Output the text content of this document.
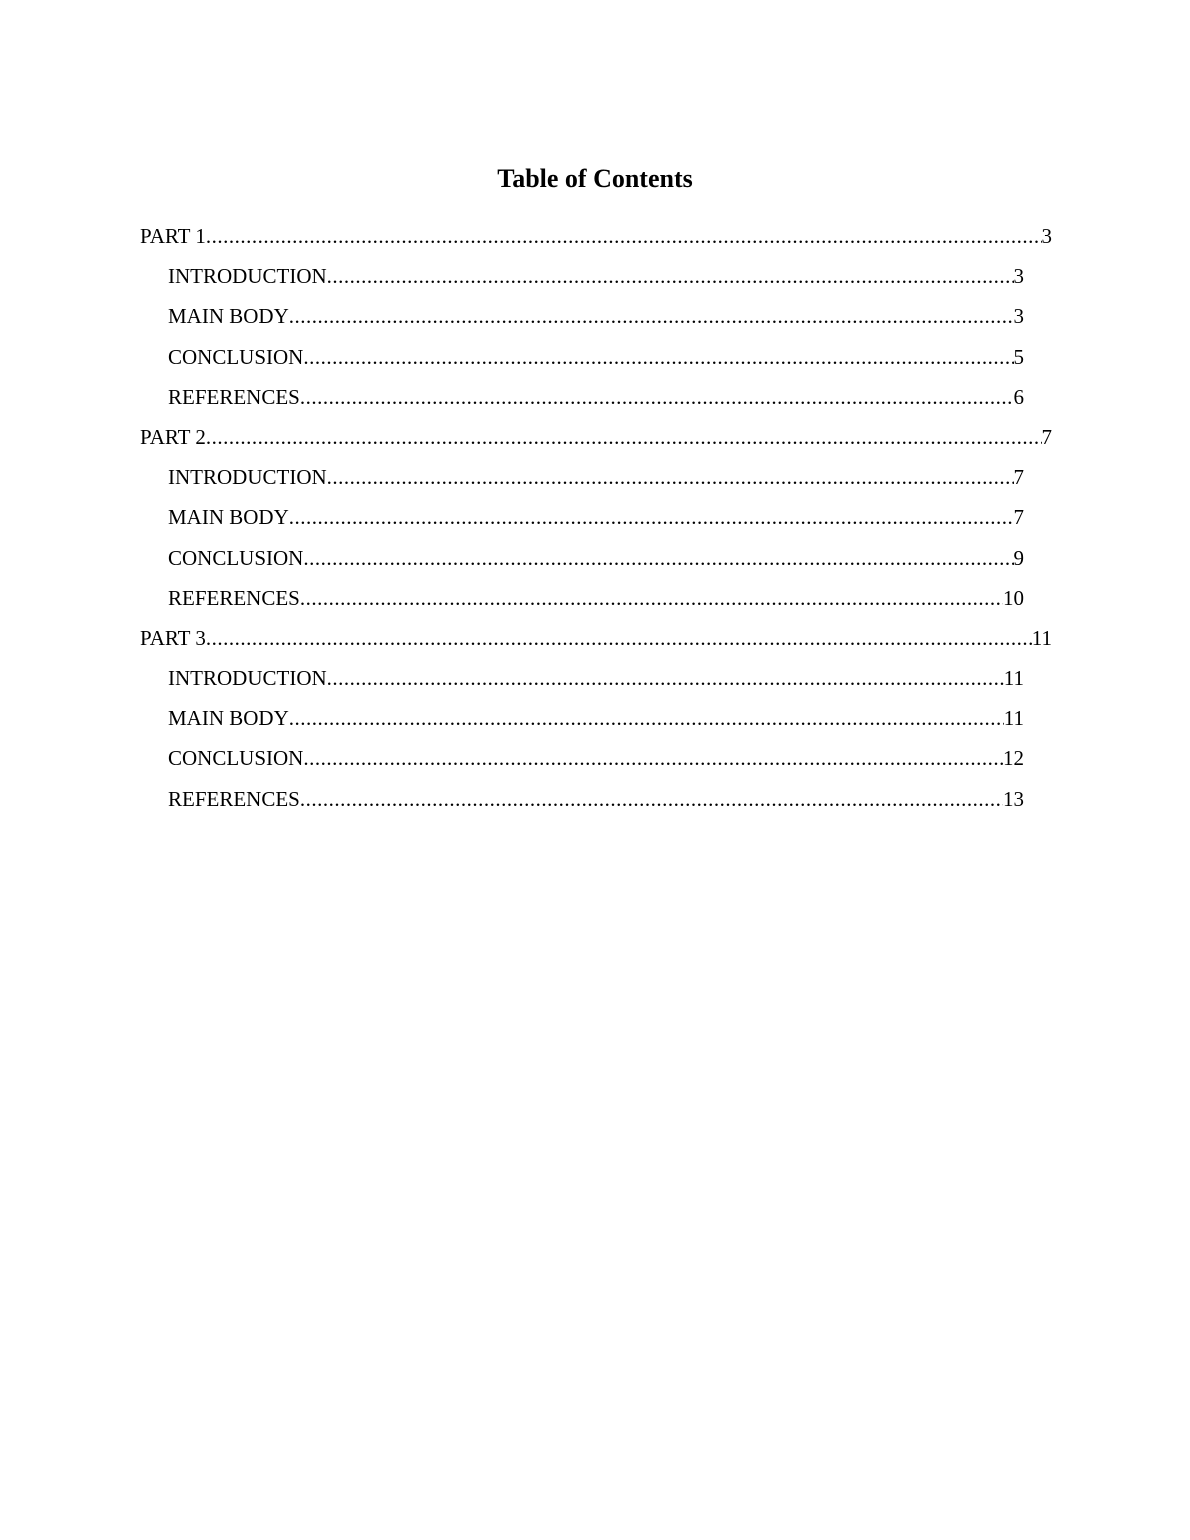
Table of Contents
PART 1 .....	3
INTRODUCTION .....	3
MAIN BODY .....	3
CONCLUSION .....	5
REFERENCES .....	6
PART 2 .....	7
INTRODUCTION .....	7
MAIN BODY .....	7
CONCLUSION .....	9
REFERENCES .....	10
PART 3 .....	11
INTRODUCTION .....	11
MAIN BODY .....	11
CONCLUSION .....	12
REFERENCES .....	13
